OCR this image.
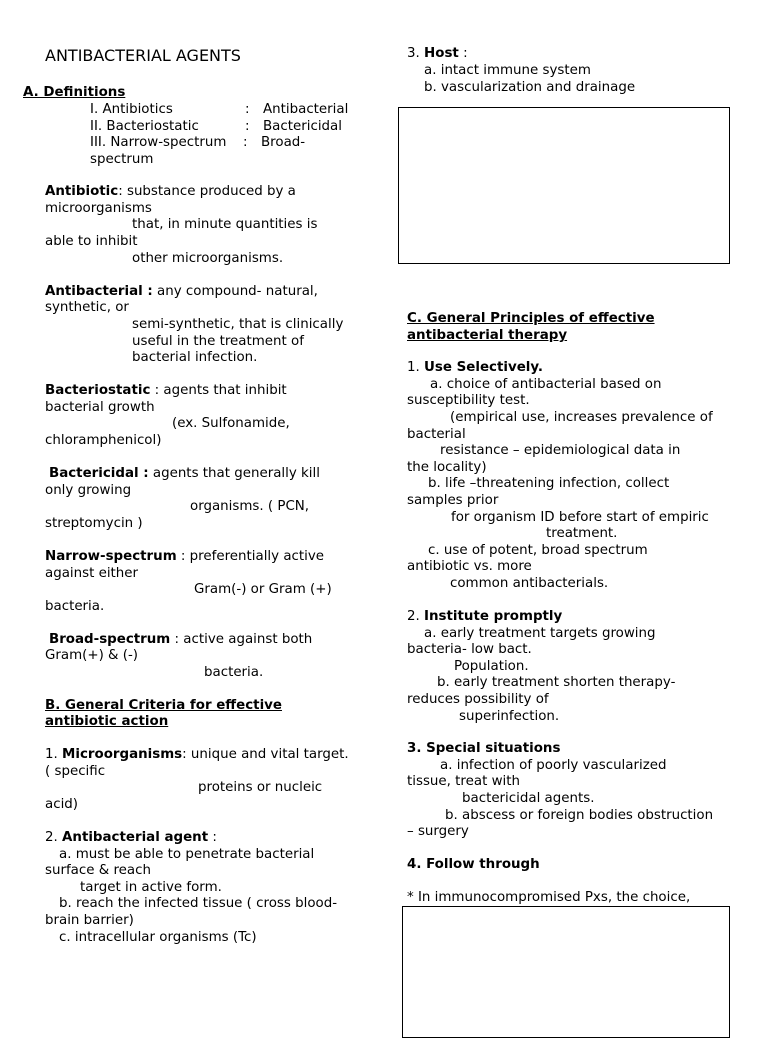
ANTIBACTERIAL AGENTS
A. Definitions
I. Antibiotics	: Antibacterial
II. Bacteriostatic	: Bactericidal
III. Narrow-spectrum : Broad-
spectrum
Antibiotic: substance produced by a
microorganisms
that, in minute quantities is
able to inhibit
other microorganisms.
Antibacterial : any compound- natural,
synthetic, or
semi-synthetic, that is clinically
useful in the treatment of
bacterial infection.
Bacteriostatic : agents that inhibit
bacterial growth
(ex. Sulfonamide,
chloramphenicol)
Bactericidal : agents that generally kill
only growing
organisms. ( PCN,
streptomycin )
Narrow-spectrum : preferentially active
against either
Gram(-) or Gram (+)
bacteria.
Broad-spectrum : active against both
Gram(+) & (-)
bacteria.
B. General Criteria for effective
antibiotic action
1. Microorganisms: unique and vital target.
( specific
proteins or nucleic
acid)
2. Antibacterial agent :
a. must be able to penetrate bacterial
surface & reach
target in active form.
b. reach the infected tissue ( cross blood-
brain barrier)
c. intracellular organisms (Tc)
3. Host :
a. intact immune system
b. vascularization and drainage
C. General Principles of effective
antibacterial therapy
1. Use Selectively.
a. choice of antibacterial based on
susceptibility test.
(empirical use, increases prevalence of
bacterial
resistance – epidemiological data in
the locality)
b. life –threatening infection, collect
samples prior
for organism ID before start of empiric
treatment.
c. use of potent, broad spectrum
antibiotic vs. more
common antibacterials.
2. Institute promptly
a. early treatment targets growing
bacteria- low bact.
Population.
b. early treatment shorten therapy-
reduces possibility of
superinfection.
3. Special situations
a. infection of poorly vascularized
tissue, treat with
bactericidal agents.
b. abscess or foreign bodies obstruction
– surgery
4. Follow through
* In immunocompromised Pxs, the choice,
